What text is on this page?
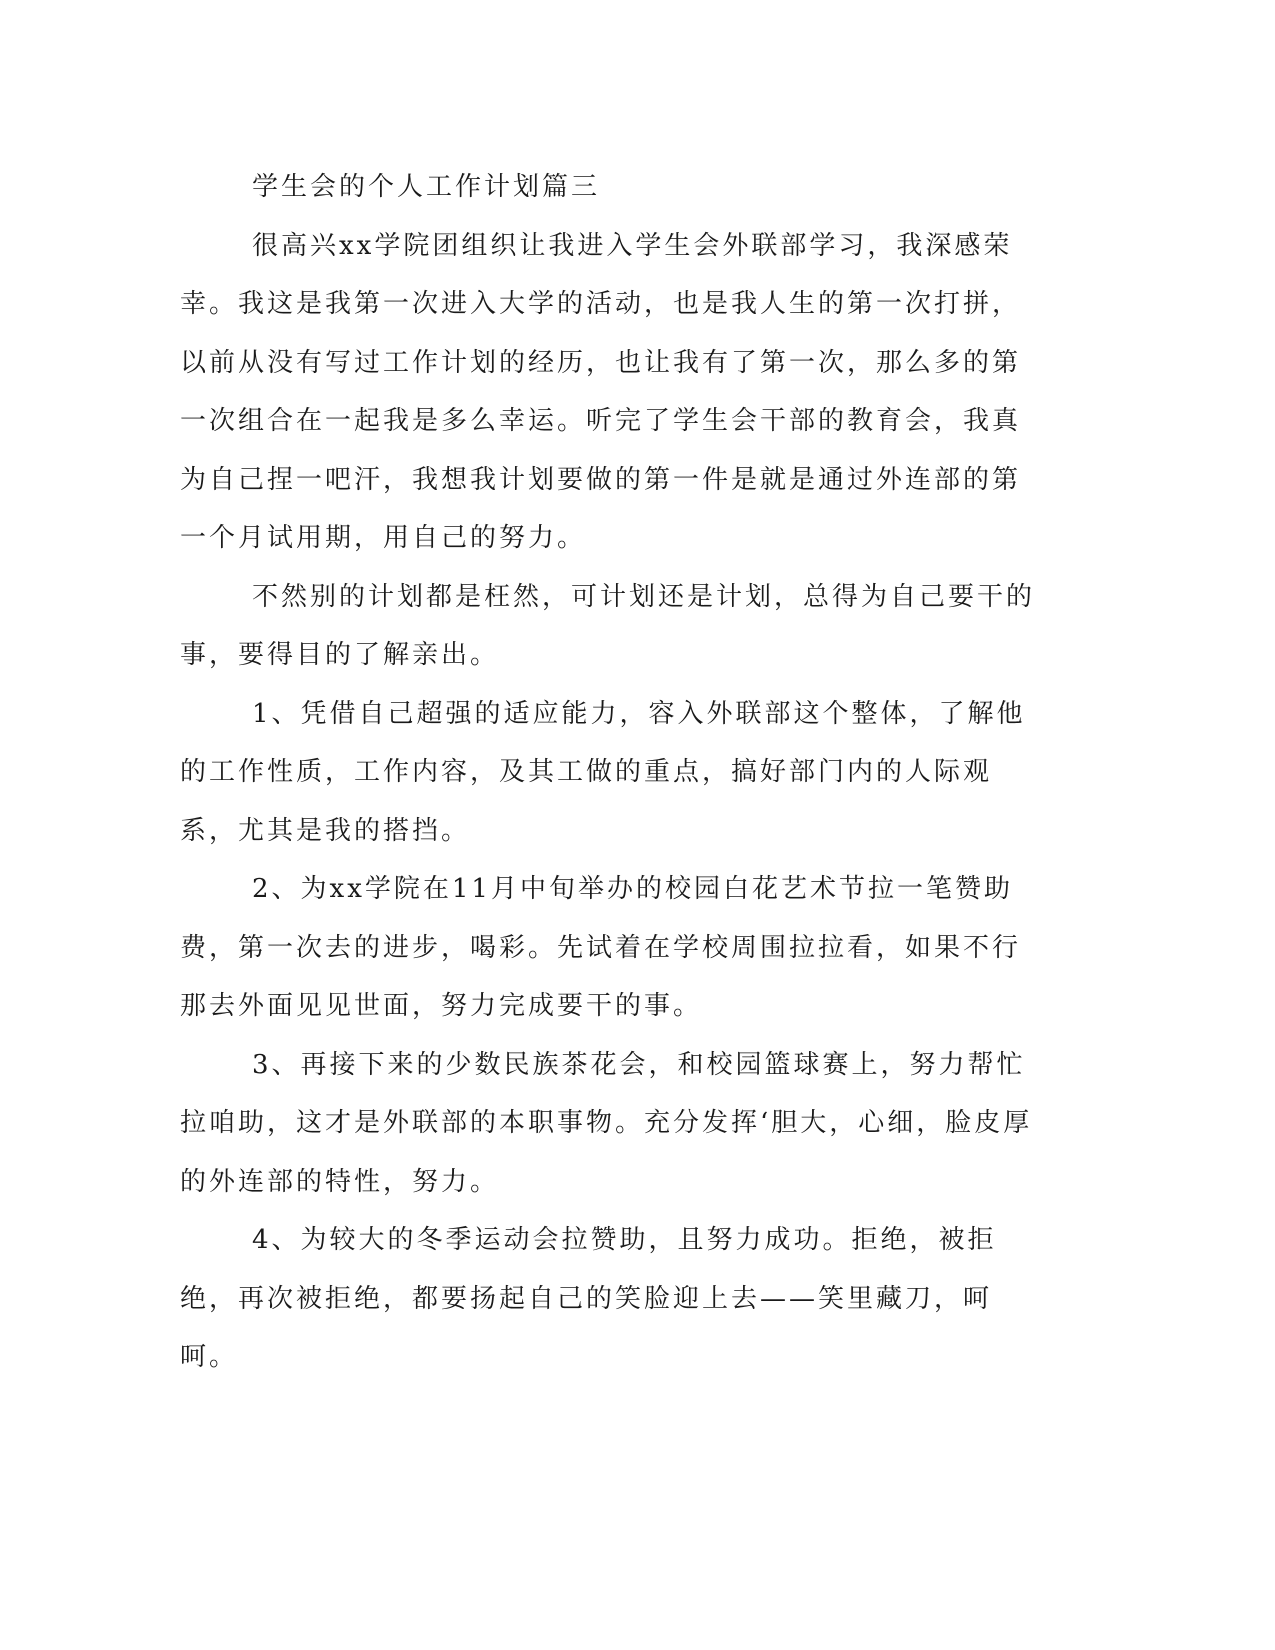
学生会的个人工作计划篇三

很高兴xx学院团组织让我进入学生会外联部学习，我深感荣幸。我这是我第一次进入大学的活动，也是我人生的第一次打拼，以前从没有写过工作计划的经历，也让我有了第一次，那么多的第一次组合在一起我是多么幸运。听完了学生会干部的教育会，我真为自己捏一吧汗，我想我计划要做的第一件是就是通过外连部的第一个月试用期，用自己的努力。

不然别的计划都是枉然，可计划还是计划，总得为自己要干的事，要得目的了解亲出。

1、凭借自己超强的适应能力，容入外联部这个整体，了解他的工作性质，工作内容，及其工做的重点，搞好部门内的人际观系，尤其是我的搭挡。

2、为xx学院在11月中旬举办的校园白花艺术节拉一笔赞助费，第一次去的进步，喝彩。先试着在学校周围拉拉看，如果不行那去外面见见世面，努力完成要干的事。

3、再接下来的少数民族茶花会，和校园篮球赛上，努力帮忙拉咱助，这才是外联部的本职事物。充分发挥‘胆大，心细，脸皮厚的外连部的特性，努力。

4、为较大的冬季运动会拉赞助，且努力成功。拒绝，被拒绝，再次被拒绝，都要扬起自己的笑脸迎上去——笑里藏刀，呵呵。
